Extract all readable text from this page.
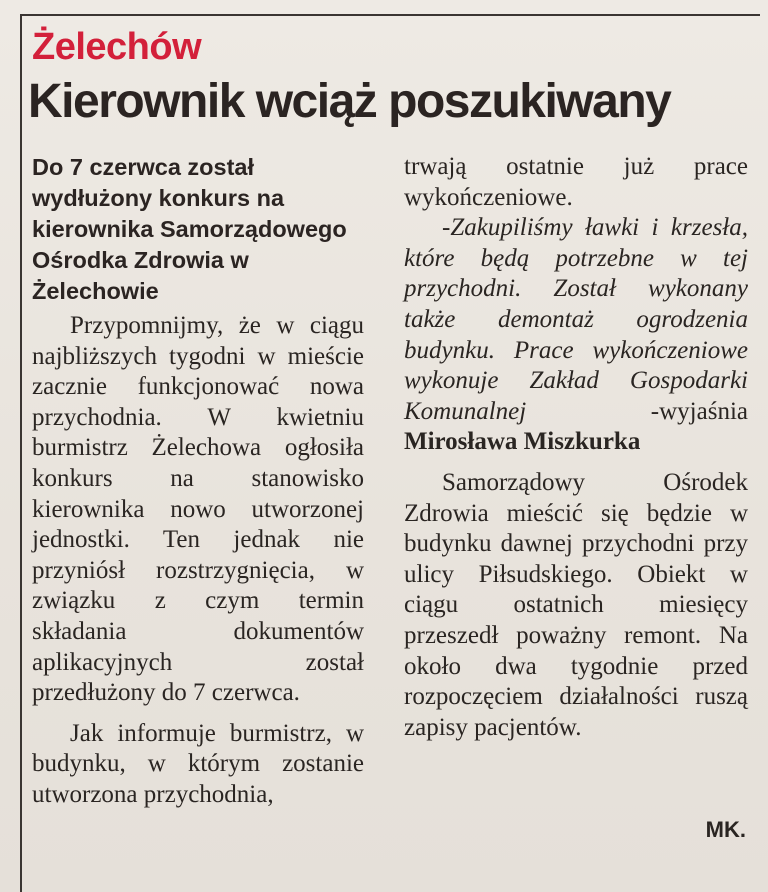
Żelechów
Kierownik wciąż poszukiwany

Do 7 czerwca został wydłużony konkurs na kierownika Samorządowego Ośrodka Zdrowia w Żelechowie

Przypomnijmy, że w ciągu najbliższych tygodni w mieście zacznie funkcjonować nowa przychodnia. W kwietniu burmistrz Żelechowa ogłosiła konkurs na stanowisko kierownika nowo utworzonej jednostki. Ten jednak nie przyniósł rozstrzygnięcia, w związku z czym termin składania dokumentów aplikacyjnych został przedłużony do 7 czerwca.

Jak informuje burmistrz, w budynku, w którym zostanie utworzona przychodnia,

trwają ostatnie już prace wykończeniowe.

-Zakupiliśmy ławki i krzesła, które będą potrzebne w tej przychodni. Został wykonany także demontaż ogrodzenia budynku. Prace wykończeniowe wykonuje Zakład Gospodarki Komunalnej -wyjaśnia Mirosława Miszkurka

Samorządowy Ośrodek Zdrowia mieścić się będzie w budynku dawnej przychodni przy ulicy Piłsudskiego. Obiekt w ciągu ostatnich miesięcy przeszedł poważny remont. Na około dwa tygodnie przed rozpoczęciem działalności ruszą zapisy pacjentów.

MK.
